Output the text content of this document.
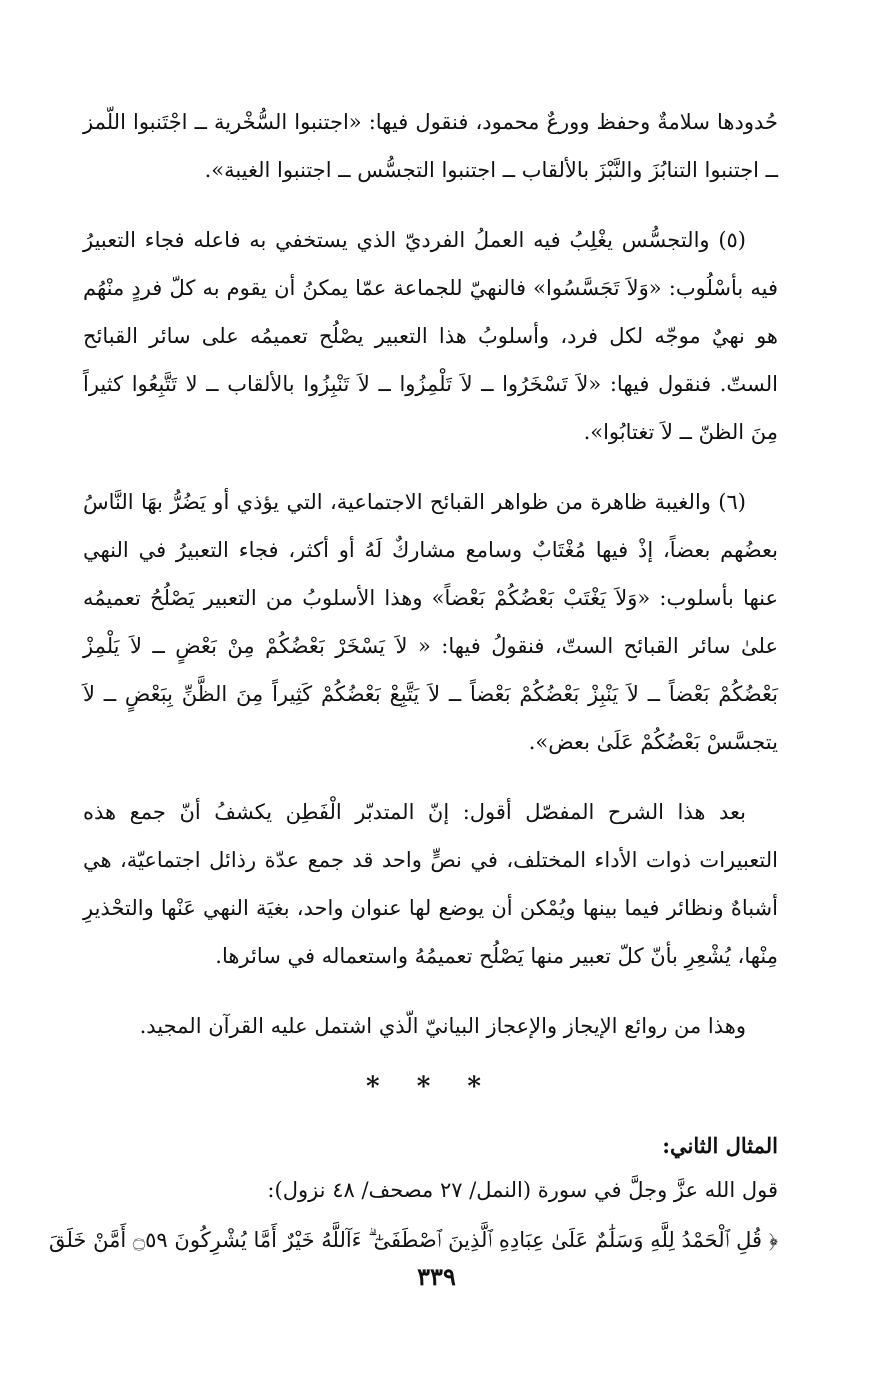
حُدودها سلامةٌ وحفظ وورعٌ محمود، فنقول فيها: «اجتنبوا السُّخْرية ــ اجْتَنبوا اللّمز ــ اجتنبوا التنابُزَ والنَّبْزَ بالألقاب ــ اجتنبوا التجسُّس ــ اجتنبوا الغيبة».

(٥) والتجسُّس يغْلِبُ فيه العملُ الفرديّ الذي يستخفي به فاعله فجاء التعبيرُ فيه بأسْلُوب: «وَلاَ تَجَسَّسُوا» فالنهيّ للجماعة عمّا يمكنُ أن يقوم به كلّ فردٍ منْهُم هو نهيٌ موجّه لكل فرد، وأسلوبُ هذا التعبير يصْلُح تعميمُه على سائر القبائح الستّ. فنقول فيها: «لاَ تَسْخَرُوا ــ لاَ تَلْمِزُوا ــ لاَ تَنْبِزُوا بالألقاب ــ لا تَتَّبِعُوا كثيراً مِنَ الظنّ ــ لاَ تغتابُوا».

(٦) والغيبة ظاهرة من ظواهر القبائح الاجتماعية، التي يؤذي أو يَضُرُّ بهَا النَّاسُ بعضُهم بعضاً، إذْ فيها مُغْتَابٌ وسامع مشاركٌ لَهُ أو أكثر، فجاء التعبيرُ في النهي عنها بأسلوب: «وَلاَ يَغْتَبْ بَعْضُكُمْ بَعْضاً» وهذا الأسلوبُ من التعبير يَصْلُحُ تعميمُه علىٰ سائر القبائح الستّ، فنقولُ فيها: « لاَ يَسْخَرْ بَعْضُكُمْ مِنْ بَعْضٍ ــ لاَ يَلْمِزْ بَعْضُكُمْ بَعْضاً ــ لاَ يَنْبِزْ بَعْضُكُمْ بَعْضاً ــ لاَ يَتَّبِعْ بَعْضُكُمْ كَثِيراً مِنَ الظَّنِّ بِبَعْضٍ ــ لاَ يتجسَّسْ بَعْضُكُمْ عَلَىٰ بعض».

بعد هذا الشرح المفصّل أقول: إنّ المتدبّر الْفَطِن يكشفُ أنّ جمع هذه التعبيرات ذوات الأداء المختلف، في نصٍّ واحد قد جمع عدّة رذائل اجتماعيّة، هي أشباهٌ ونظائر فيما بينها ويُمْكن أن يوضع لها عنوان واحد، بغيَة النهي عَنْها والتحْذيرِ مِنْها، يُشْعِرِ بأنّ كلّ تعبير منها يَصْلُح تعميمُهُ واستعماله في سائرها.

وهذا من روائع الإيجاز والإعجاز البيانيّ الّذي اشتمل عليه القرآن المجيد.

* * *
المثال الثاني:
قول الله عزَّ وجلَّ في سورة (النمل/ ٢٧ مصحف/ ٤٨ نزول):
﴿ قُلِ ٱلْحَمْدُ لِلَّهِ وَسَلَٰمٌ عَلَىٰ عِبَادِهِ ٱلَّذِينَ ٱصْطَفَىٰٓ ۗ ءَآللَّهُ خَيْرٌ أَمَّا يُشْرِكُونَ ۝٥٩ أَمَّنْ خَلَقَ
٣٣٩
